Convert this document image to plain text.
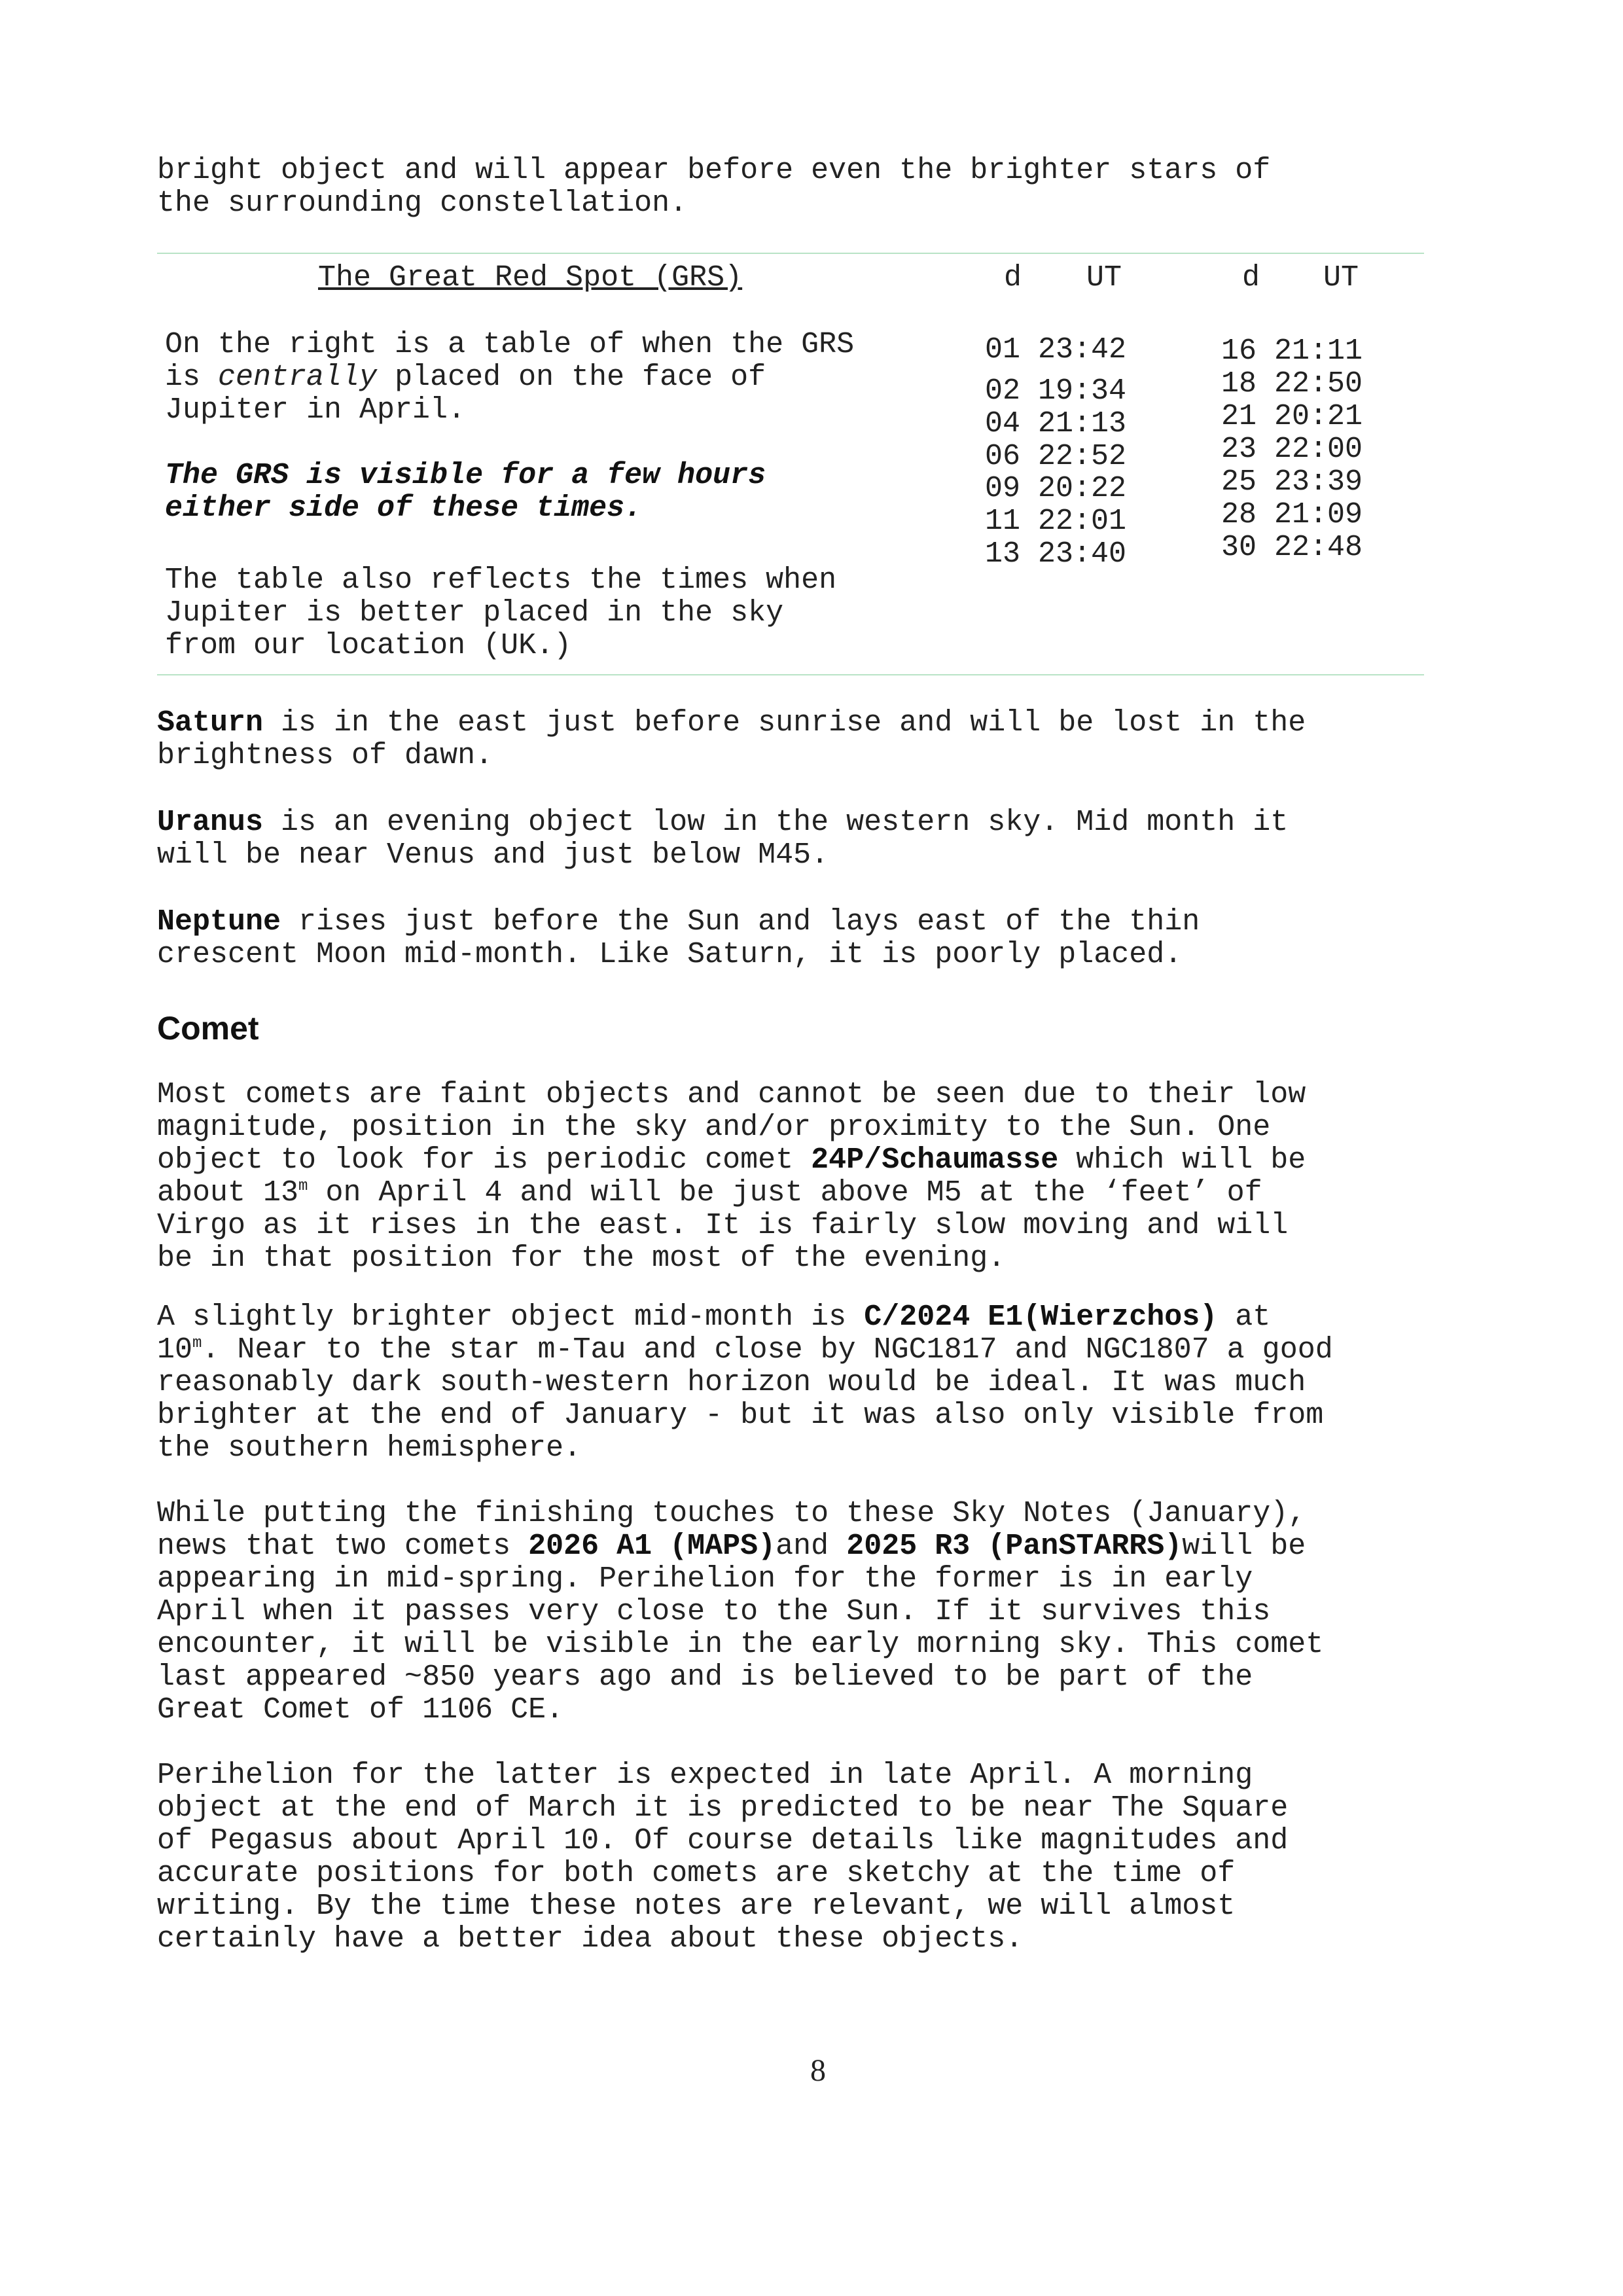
bright object and will appear before even the brighter stars of
the surrounding constellation.

The Great Red Spot (GRS)	d UT	d UT

On the right is a table of when the GRS
is centrally placed on the face of
Jupiter in April.

The GRS is visible for a few hours
either side of these times.

The table also reflects the times when
Jupiter is better placed in the sky
from our location (UK.)

01 23:42
02 19:34
04 21:13
06 22:52
09 20:22
11 22:01
13 23:40
16 21:11
18 22:50
21 20:21
23 22:00
25 23:39
28 21:09
30 22:48

Saturn is in the east just before sunrise and will be lost in the
brightness of dawn.

Uranus is an evening object low in the western sky. Mid month it
will be near Venus and just below M45.

Neptune rises just before the Sun and lays east of the thin
crescent Moon mid-month. Like Saturn, it is poorly placed.

Comet

Most comets are faint objects and cannot be seen due to their low
magnitude, position in the sky and/or proximity to the Sun. One
object to look for is periodic comet 24P/Schaumasse which will be
about 13$^m$ on April 4 and will be just above M5 at the ‘feet’ of
Virgo as it rises in the east. It is fairly slow moving and will
be in that position for the most of the evening.

A slightly brighter object mid-month is C/2024 E1(Wierzchos) at
10$^m$. Near to the star m-Tau and close by NGC1817 and NGC1807 a good
reasonably dark south-western horizon would be ideal. It was much
brighter at the end of January - but it was also only visible from
the southern hemisphere.

While putting the finishing touches to these Sky Notes (January),
news that two comets 2026 A1 (MAPS)and 2025 R3 (PanSTARRS)will be
appearing in mid-spring. Perihelion for the former is in early
April when it passes very close to the Sun. If it survives this
encounter, it will be visible in the early morning sky. This comet
last appeared ~850 years ago and is believed to be part of the
Great Comet of 1106 CE.

Perihelion for the latter is expected in late April. A morning
object at the end of March it is predicted to be near The Square
of Pegasus about April 10. Of course details like magnitudes and
accurate positions for both comets are sketchy at the time of
writing. By the time these notes are relevant, we will almost
certainly have a better idea about these objects.

8
